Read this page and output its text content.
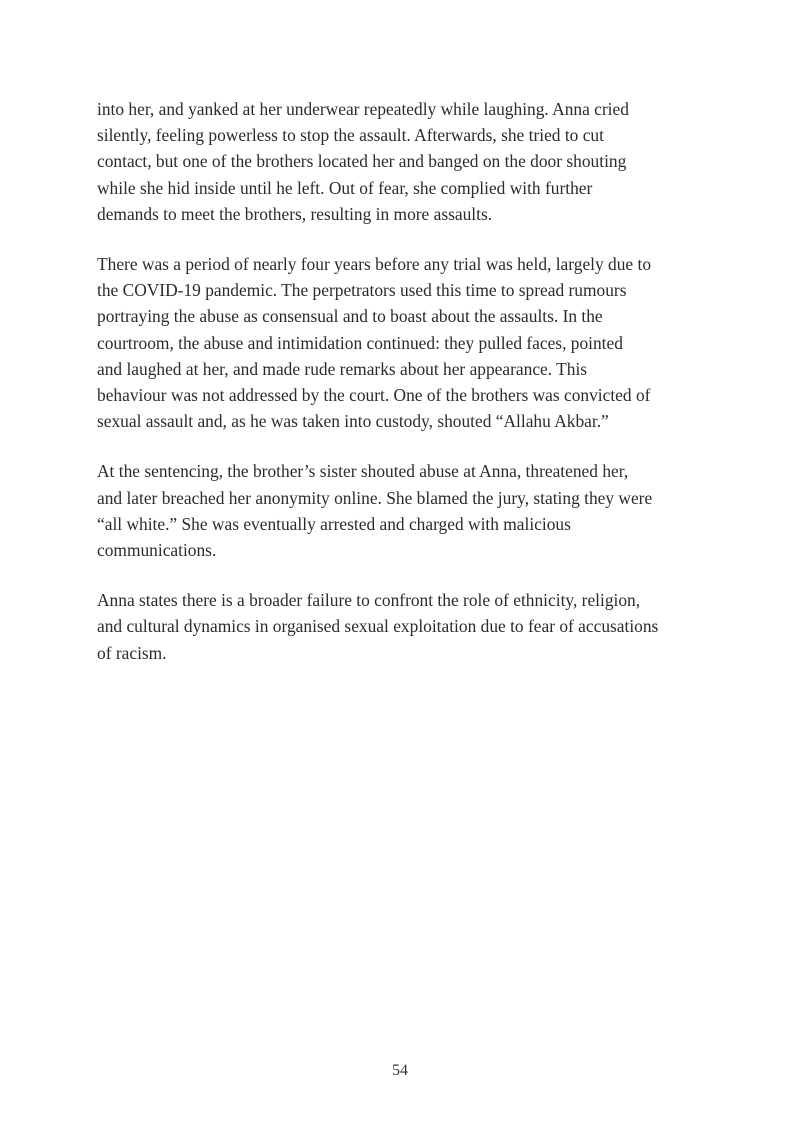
into her, and yanked at her underwear repeatedly while laughing. Anna cried
silently, feeling powerless to stop the assault. Afterwards, she tried to cut
contact, but one of the brothers located her and banged on the door shouting
while she hid inside until he left. Out of fear, she complied with further
demands to meet the brothers, resulting in more assaults.

There was a period of nearly four years before any trial was held, largely due to
the COVID-19 pandemic. The perpetrators used this time to spread rumours
portraying the abuse as consensual and to boast about the assaults. In the
courtroom, the abuse and intimidation continued: they pulled faces, pointed
and laughed at her, and made rude remarks about her appearance. This
behaviour was not addressed by the court. One of the brothers was convicted of
sexual assault and, as he was taken into custody, shouted “Allahu Akbar.”

At the sentencing, the brother’s sister shouted abuse at Anna, threatened her,
and later breached her anonymity online. She blamed the jury, stating they were
“all white.” She was eventually arrested and charged with malicious
communications.

Anna states there is a broader failure to confront the role of ethnicity, religion,
and cultural dynamics in organised sexual exploitation due to fear of accusations
of racism.

54
